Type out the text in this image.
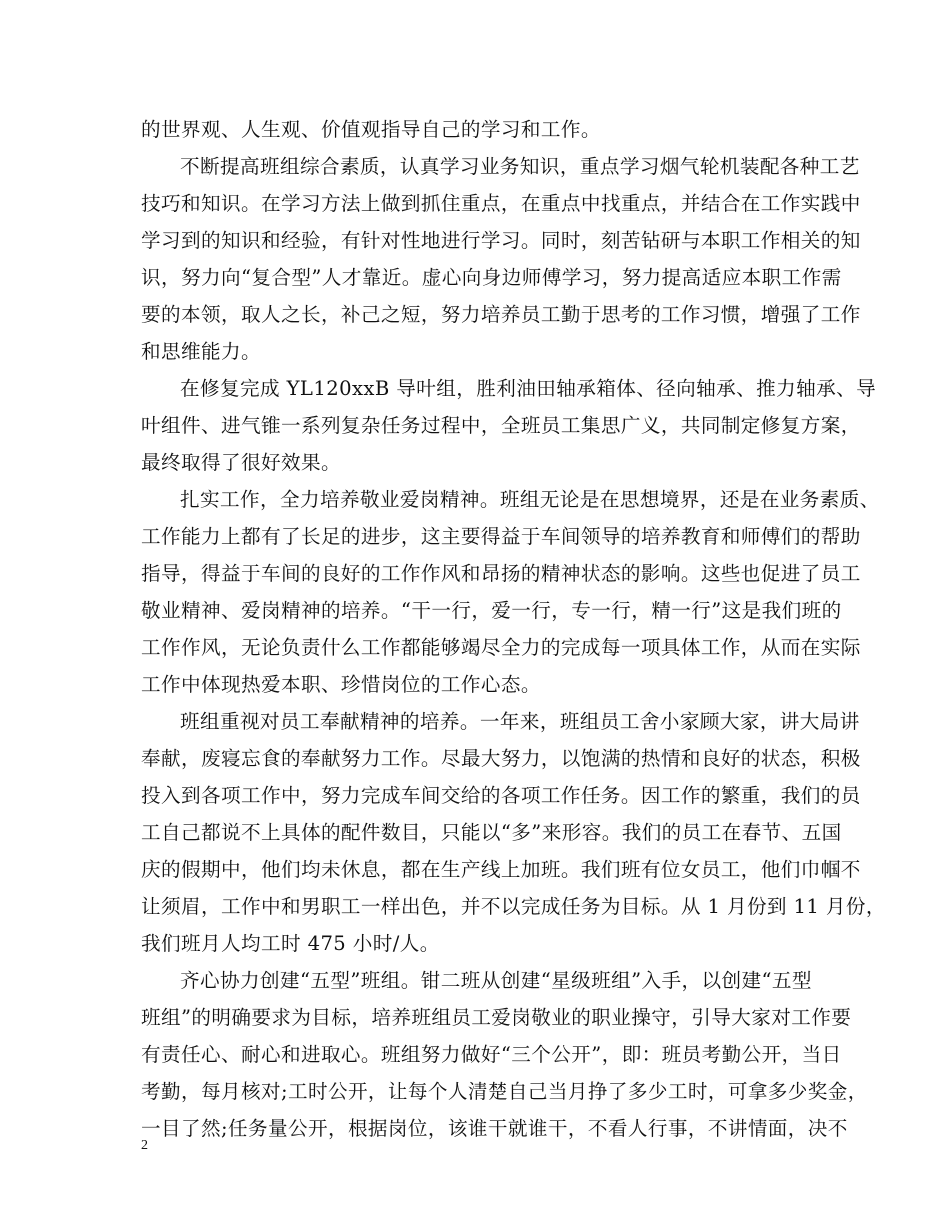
的世界观、人生观、价值观指导自己的学习和工作。
不断提高班组综合素质，认真学习业务知识，重点学习烟气轮机装配各种工艺
技巧和知识。在学习方法上做到抓住重点，在重点中找重点，并结合在工作实践中
学习到的知识和经验，有针对性地进行学习。同时，刻苦钻研与本职工作相关的知
识，努力向“复合型”人才靠近。虚心向身边师傅学习，努力提高适应本职工作需
要的本领，取人之长，补己之短，努力培养员工勤于思考的工作习惯，增强了工作
和思维能力。
在修复完成 YL120xxB 导叶组，胜利油田轴承箱体、径向轴承、推力轴承、导
叶组件、进气锥一系列复杂任务过程中，全班员工集思广义，共同制定修复方案，
最终取得了很好效果。
扎实工作，全力培养敬业爱岗精神。班组无论是在思想境界，还是在业务素质、
工作能力上都有了长足的进步，这主要得益于车间领导的培养教育和师傅们的帮助
指导，得益于车间的良好的工作作风和昂扬的精神状态的影响。这些也促进了员工
敬业精神、爱岗精神的培养。“干一行，爱一行，专一行，精一行”这是我们班的
工作作风，无论负责什么工作都能够竭尽全力的完成每一项具体工作，从而在实际
工作中体现热爱本职、珍惜岗位的工作心态。
班组重视对员工奉献精神的培养。一年来，班组员工舍小家顾大家，讲大局讲
奉献，废寝忘食的奉献努力工作。尽最大努力，以饱满的热情和良好的状态，积极
投入到各项工作中，努力完成车间交给的各项工作任务。因工作的繁重，我们的员
工自己都说不上具体的配件数目，只能以“多”来形容。我们的员工在春节、五国
庆的假期中，他们均未休息，都在生产线上加班。我们班有位女员工，他们巾帼不
让须眉，工作中和男职工一样出色，并不以完成任务为目标。从 1 月份到 11 月份，
我们班月人均工时 475 小时/人。
齐心协力创建“五型”班组。钳二班从创建“星级班组”入手，以创建“五型
班组”的明确要求为目标，培养班组员工爱岗敬业的职业操守，引导大家对工作要
有责任心、耐心和进取心。班组努力做好“三个公开”，即：班员考勤公开，当日
考勤，每月核对;工时公开，让每个人清楚自己当月挣了多少工时，可拿多少奖金，
一目了然;任务量公开，根据岗位，该谁干就谁干，不看人行事，不讲情面，决不
2
